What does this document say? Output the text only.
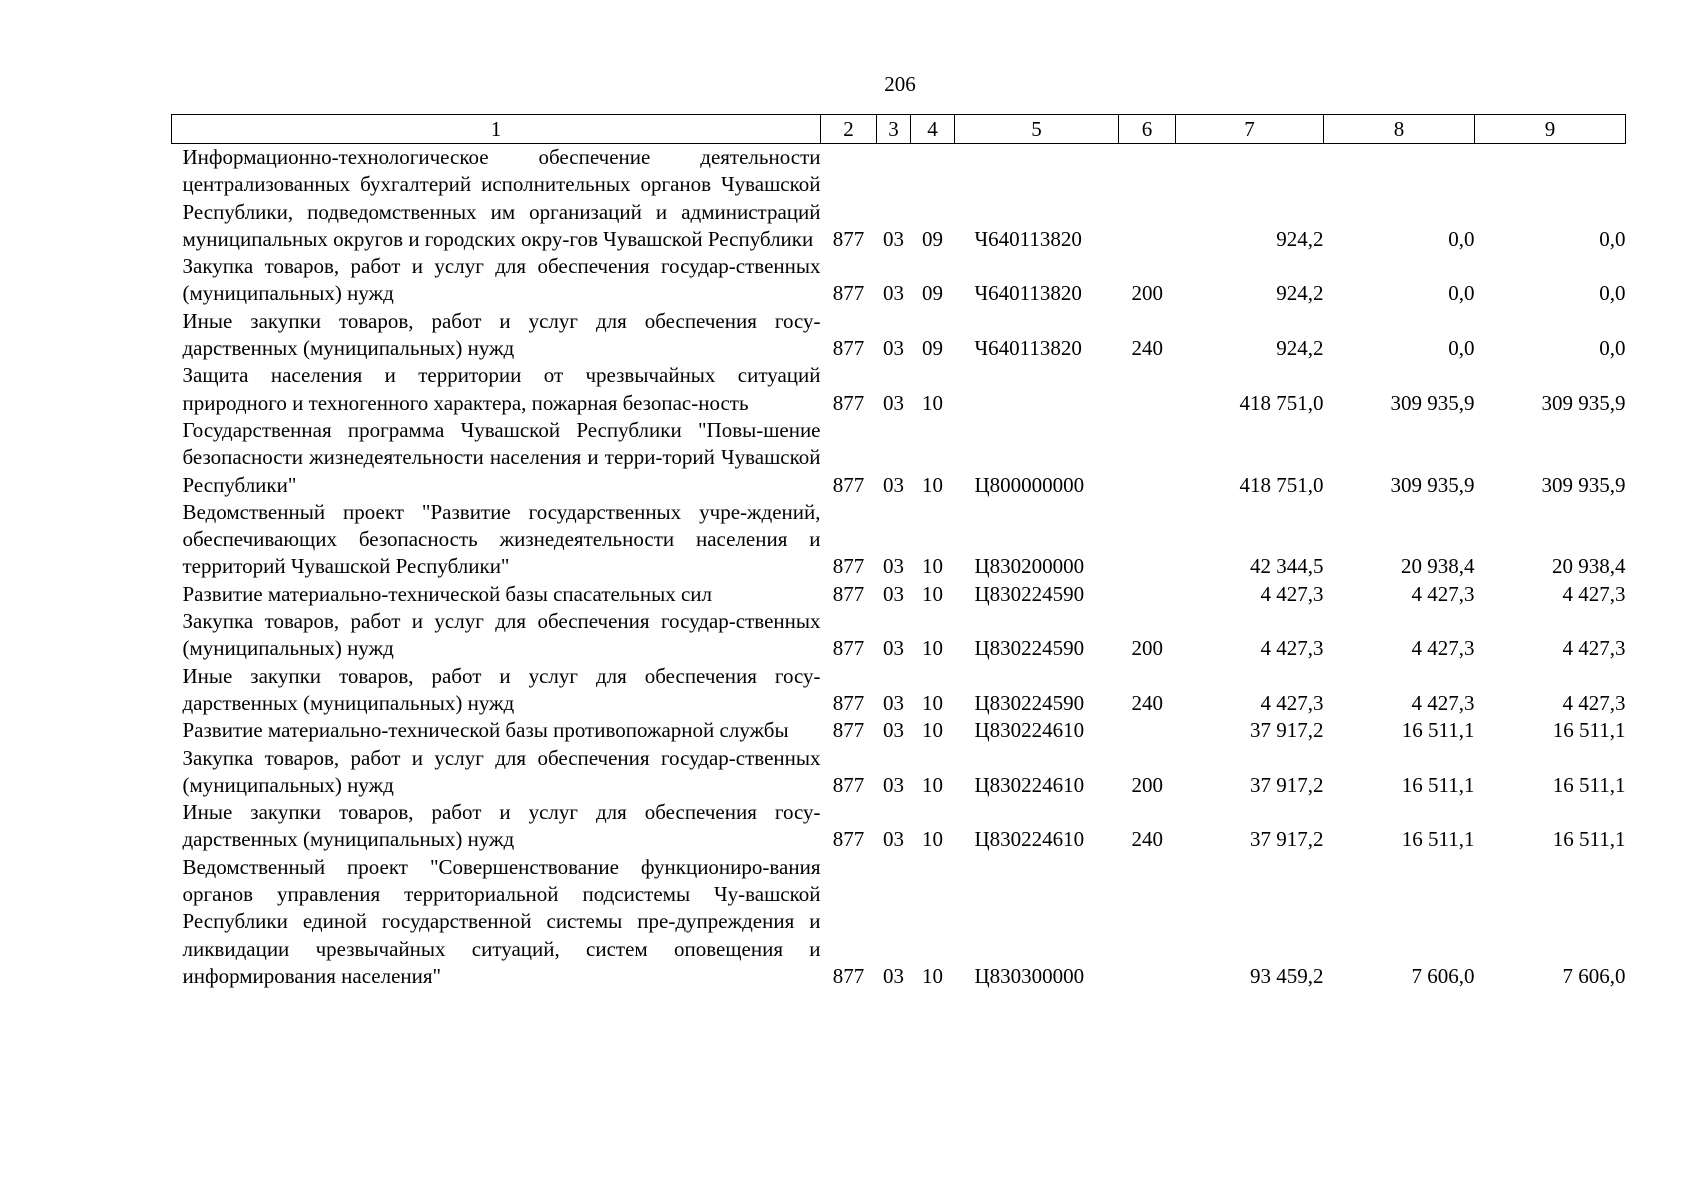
206
1	2	3	4	5	6	7	8	9
Информационно-технологическое обеспечение деятельности централизованных бухгалтерий исполнительных органов Чувашской Республики, подведомственных им организаций и администраций муниципальных округов и городских окру-гов Чувашской Республики	877	03	09	Ч640113820		924,2	0,0	0,0
Закупка товаров, работ и услуг для обеспечения государ-ственных (муниципальных) нужд	877	03	09	Ч640113820	200	924,2	0,0	0,0
Иные закупки товаров, работ и услуг для обеспечения госу-дарственных (муниципальных) нужд	877	03	09	Ч640113820	240	924,2	0,0	0,0
Защита населения и территории от чрезвычайных ситуаций природного и техногенного характера, пожарная безопас-ность	877	03	10			418 751,0	309 935,9	309 935,9
Государственная программа Чувашской Республики "Повы-шение безопасности жизнедеятельности населения и терри-торий Чувашской Республики"	877	03	10	Ц800000000		418 751,0	309 935,9	309 935,9
Ведомственный проект "Развитие государственных учре-ждений, обеспечивающих безопасность жизнедеятельности населения и территорий Чувашской Республики"	877	03	10	Ц830200000		42 344,5	20 938,4	20 938,4
Развитие материально-технической базы спасательных сил	877	03	10	Ц830224590		4 427,3	4 427,3	4 427,3
Закупка товаров, работ и услуг для обеспечения государ-ственных (муниципальных) нужд	877	03	10	Ц830224590	200	4 427,3	4 427,3	4 427,3
Иные закупки товаров, работ и услуг для обеспечения госу-дарственных (муниципальных) нужд	877	03	10	Ц830224590	240	4 427,3	4 427,3	4 427,3
Развитие материально-технической базы противопожарной службы	877	03	10	Ц830224610		37 917,2	16 511,1	16 511,1
Закупка товаров, работ и услуг для обеспечения государ-ственных (муниципальных) нужд	877	03	10	Ц830224610	200	37 917,2	16 511,1	16 511,1
Иные закупки товаров, работ и услуг для обеспечения госу-дарственных (муниципальных) нужд	877	03	10	Ц830224610	240	37 917,2	16 511,1	16 511,1
Ведомственный проект "Совершенствование функциониро-вания органов управления территориальной подсистемы Чу-вашской Республики единой государственной системы пре-дупреждения и ликвидации чрезвычайных ситуаций, систем оповещения и информирования населения"	877	03	10	Ц830300000		93 459,2	7 606,0	7 606,0
